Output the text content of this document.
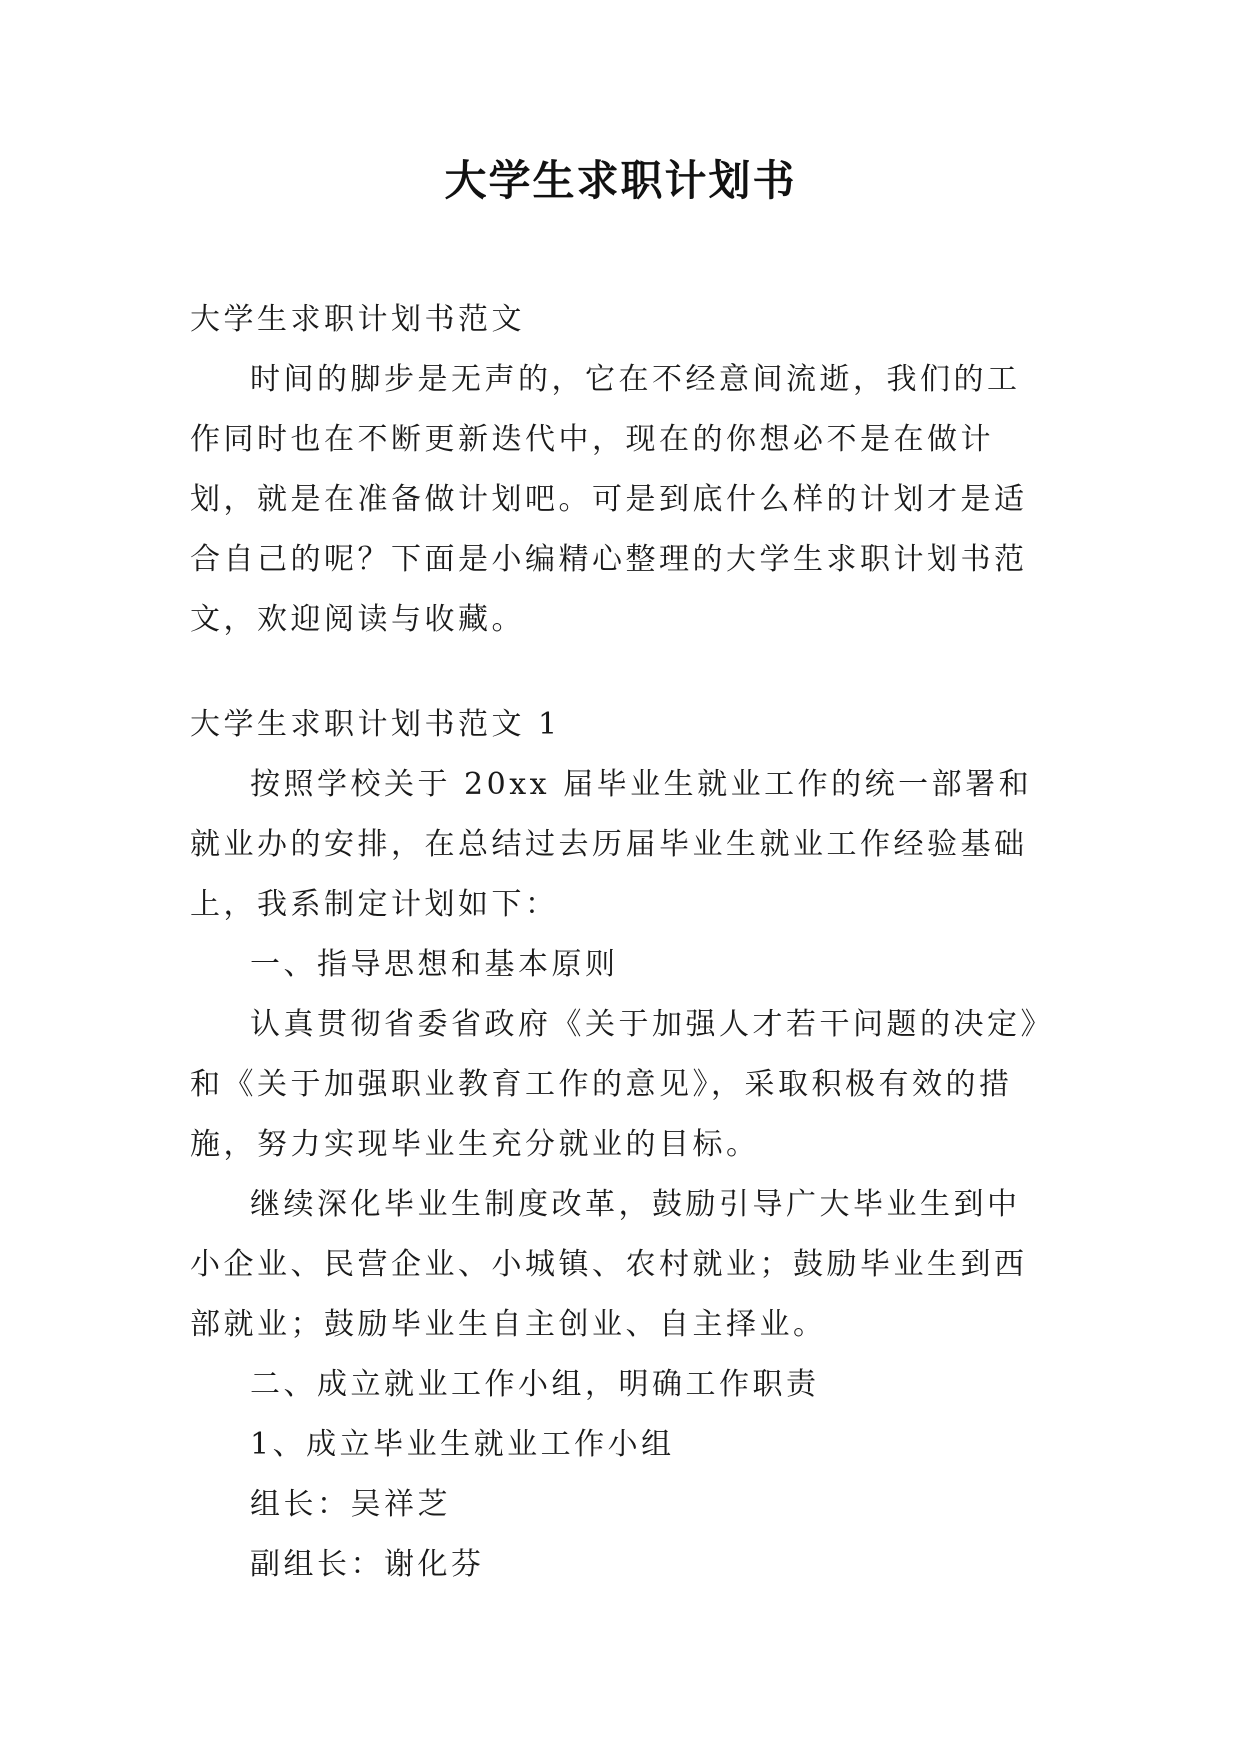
大学生求职计划书

大学生求职计划书范文

时间的脚步是无声的，它在不经意间流逝，我们的工作同时也在不断更新迭代中，现在的你想必不是在做计划，就是在准备做计划吧。可是到底什么样的计划才是适合自己的呢？下面是小编精心整理的大学生求职计划书范文，欢迎阅读与收藏。

大学生求职计划书范文 1

按照学校关于 20xx 届毕业生就业工作的统一部署和就业办的安排，在总结过去历届毕业生就业工作经验基础上，我系制定计划如下：

一、指导思想和基本原则

认真贯彻省委省政府《关于加强人才若干问题的决定》和《关于加强职业教育工作的意见》，采取积极有效的措施，努力实现毕业生充分就业的目标。

继续深化毕业生制度改革，鼓励引导广大毕业生到中小企业、民营企业、小城镇、农村就业；鼓励毕业生到西部就业；鼓励毕业生自主创业、自主择业。

二、成立就业工作小组，明确工作职责

1、成立毕业生就业工作小组

组长：吴祥芝

副组长：谢化芬
